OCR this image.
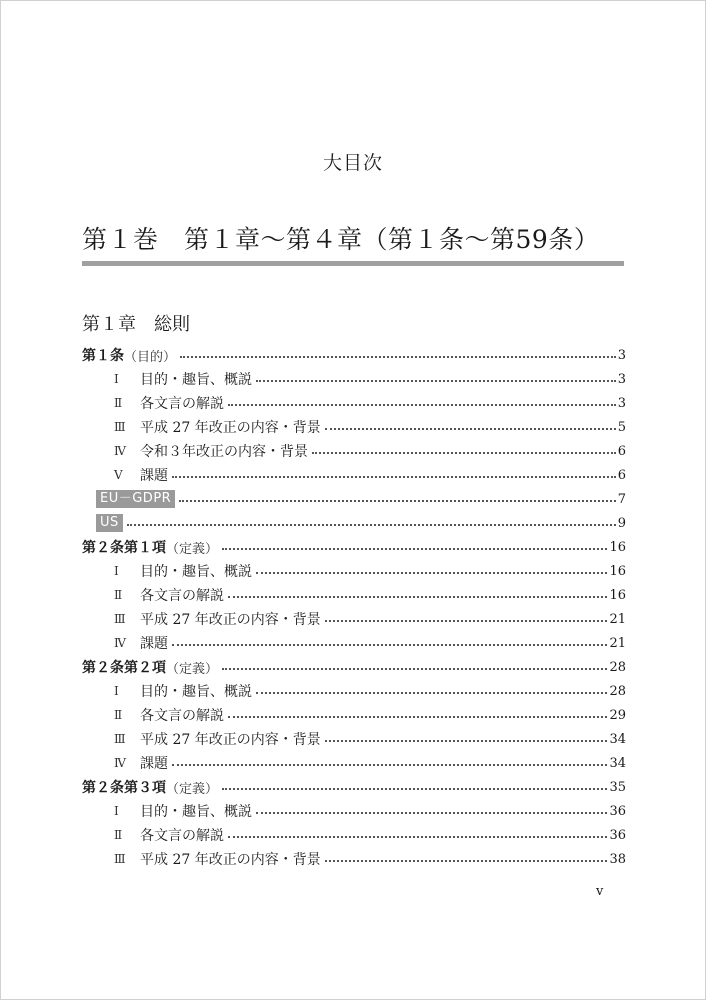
大目次
第１巻　第１章～第４章（第１条～第59条）
第１章　総則
第１条 （目的）	3
Ⅰ	目的・趣旨、概説	3
Ⅱ	各文言の解説	3
Ⅲ	平成 27 年改正の内容・背景	5
Ⅳ	令和３年改正の内容・背景	6
Ⅴ	課題	6
EU－GDPR	7
US	9
第２条第１項 （定義）	16
Ⅰ	目的・趣旨、概説	16
Ⅱ	各文言の解説	16
Ⅲ	平成 27 年改正の内容・背景	21
Ⅳ	課題	21
第２条第２項 （定義）	28
Ⅰ	目的・趣旨、概説	28
Ⅱ	各文言の解説	29
Ⅲ	平成 27 年改正の内容・背景	34
Ⅳ	課題	34
第２条第３項 （定義）	35
Ⅰ	目的・趣旨、概説	36
Ⅱ	各文言の解説	36
Ⅲ	平成 27 年改正の内容・背景	38
v
